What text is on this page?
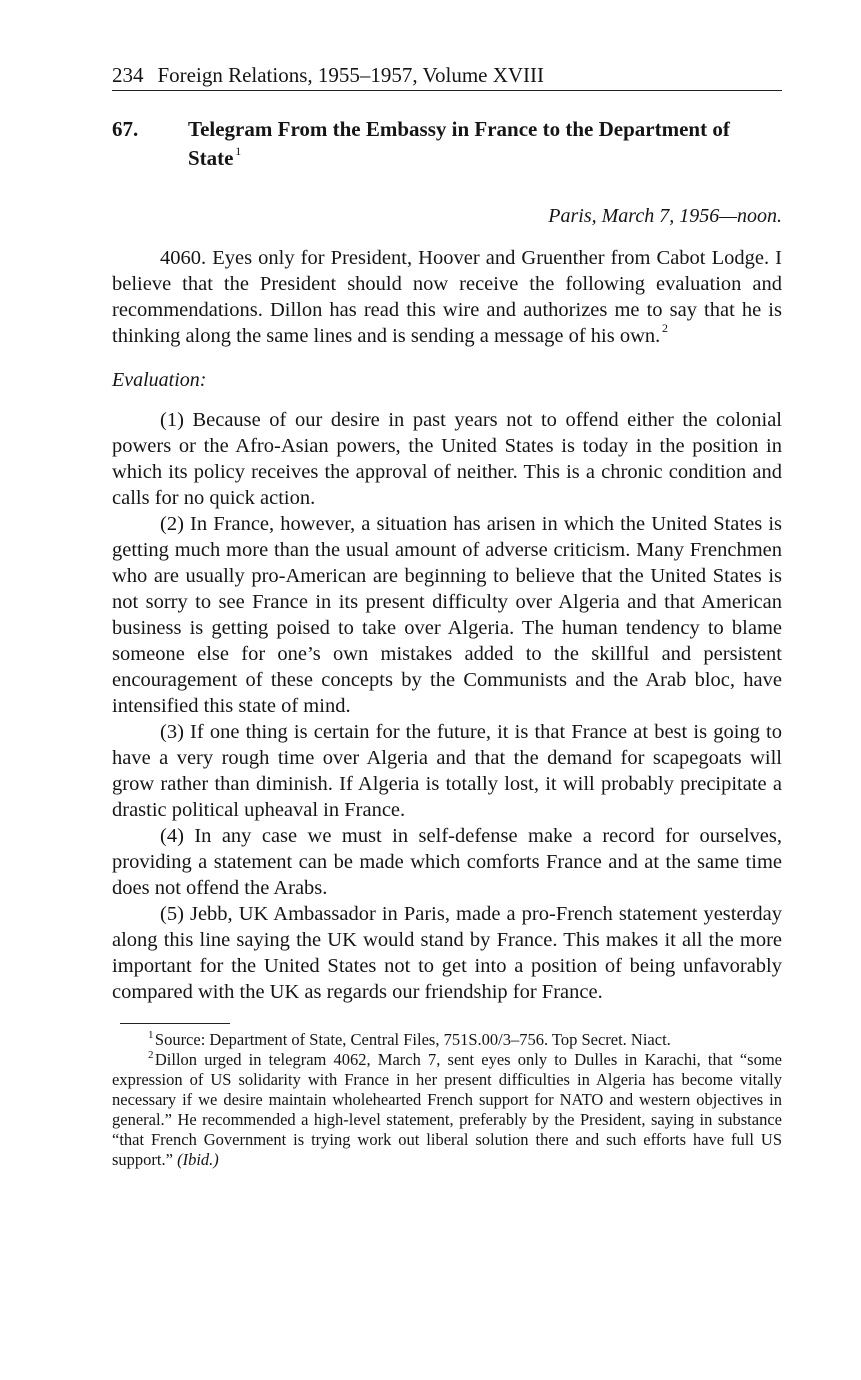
234 Foreign Relations, 1955–1957, Volume XVIII
67.	Telegram From the Embassy in France to the Department of State  $^1$
Paris, March 7, 1956—noon.

4060. Eyes only for President, Hoover and Gruenther from Cabot Lodge. I believe that the President should now receive the following evaluation and recommendations. Dillon has read this wire and authorizes me to say that he is thinking along the same lines and is sending a message of his own.  $^2$

Evaluation:

(1) Because of our desire in past years not to offend either the colonial powers or the Afro-Asian powers, the United States is today in the position in which its policy receives the approval of neither. This is a chronic condition and calls for no quick action.

(2) In France, however, a situation has arisen in which the United States is getting much more than the usual amount of adverse criticism. Many Frenchmen who are usually pro-American are beginning to believe that the United States is not sorry to see France in its present difficulty over Algeria and that American business is getting poised to take over Algeria. The human tendency to blame someone else for one’s own mistakes added to the skillful and persistent encouragement of these concepts by the Communists and the Arab bloc, have intensified this state of mind.

(3) If one thing is certain for the future, it is that France at best is going to have a very rough time over Algeria and that the demand for scapegoats will grow rather than diminish. If Algeria is totally lost, it will probably precipitate a drastic political upheaval in France.

(4) In any case we must in self-defense make a record for ourselves, providing a statement can be made which comforts France and at the same time does not offend the Arabs.

(5) Jebb, UK Ambassador in Paris, made a pro-French statement yesterday along this line saying the UK would stand by France. This makes it all the more important for the United States not to get into a position of being unfavorably compared with the UK as regards our friendship for France.

$^1$ Source: Department of State, Central Files, 751S.00/3–756. Top Secret. Niact.

$^2$ Dillon urged in telegram 4062, March 7, sent eyes only to Dulles in Karachi, that “some expression of US solidarity with France in her present difficulties in Algeria has become vitally necessary if we desire maintain wholehearted French support for NATO and western objectives in general.” He recommended a high-level statement, preferably by the President, saying in substance “that French Government is trying work out liberal solution there and such efforts have full US support.” (Ibid.)
